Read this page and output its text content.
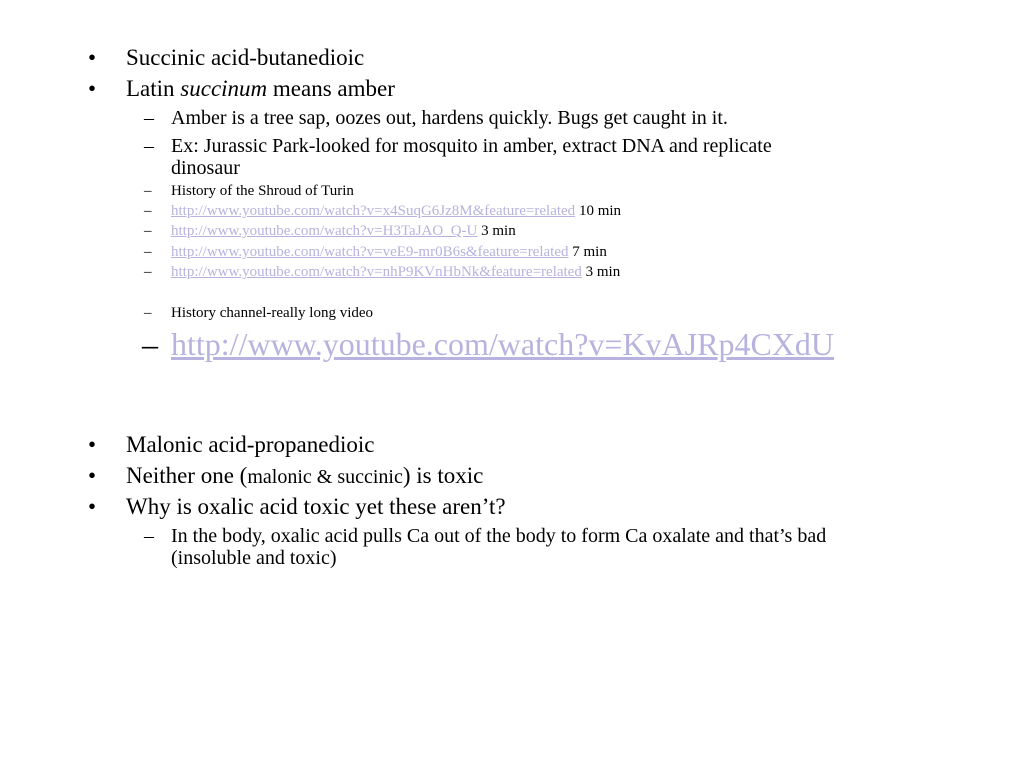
• Succinic acid-butanedioic
• Latin succinum means amber
– Amber is a tree sap, oozes out, hardens quickly. Bugs get caught in it.
– Ex: Jurassic Park-looked for mosquito in amber, extract DNA and replicate
dinosaur
– History of the Shroud of Turin
– http://www.youtube.com/watch?v=x4SuqG6Jz8M&feature=related 10 min
– http://www.youtube.com/watch?v=H3TaJAO_Q-U 3 min
– http://www.youtube.com/watch?v=veE9-mr0B6s&feature=related 7 min
– http://www.youtube.com/watch?v=nhP9KVnHbNk&feature=related 3 min
– History channel-really long video
– http://www.youtube.com/watch?v=KvAJRp4CXdU
• Malonic acid-propanedioic
• Neither one (malonic & succinic) is toxic
• Why is oxalic acid toxic yet these aren’t?
– In the body, oxalic acid pulls Ca out of the body to form Ca oxalate and that’s bad
(insoluble and toxic)
